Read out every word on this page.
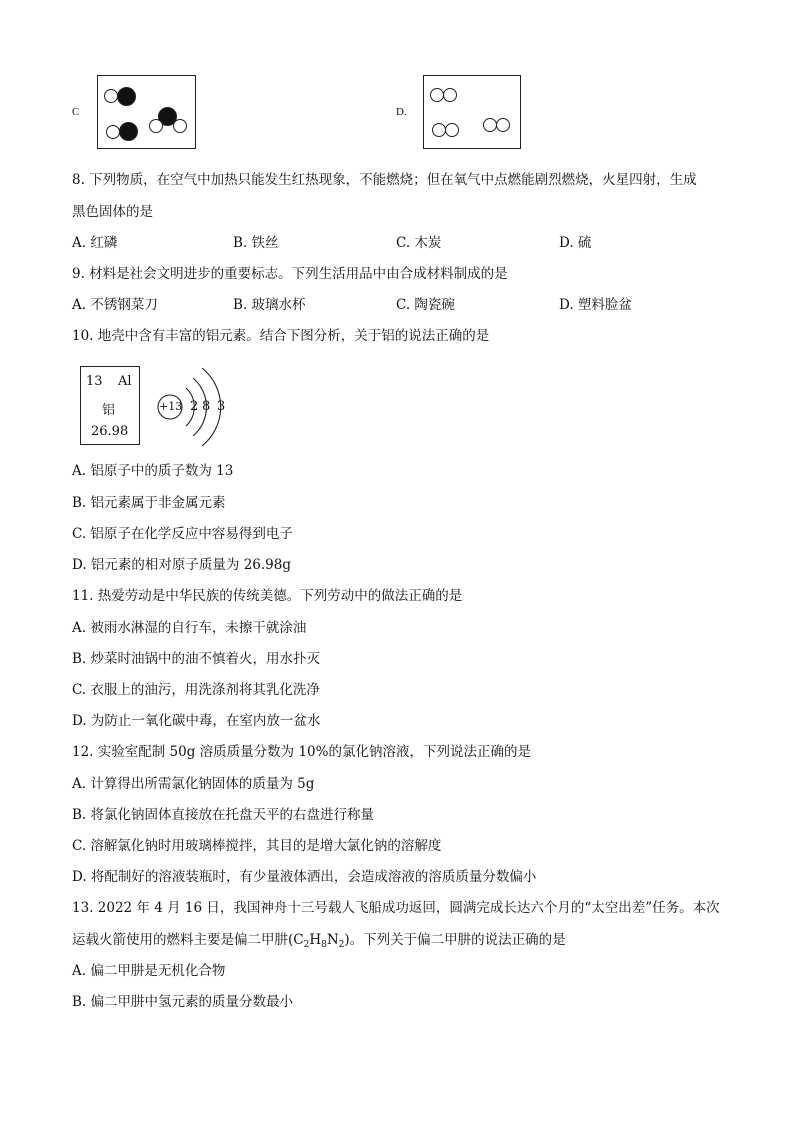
C	D.
8. 下列物质，在空气中加热只能发生红热现象，不能燃烧；但在氧气中点燃能剧烈燃烧，火星四射，生成
黑色固体的是
A. 红磷	B. 铁丝	C. 木炭	D. 硫
9. 材料是社会文明进步的重要标志。下列生活用品中由合成材料制成的是
A. 不锈钢菜刀	B. 玻璃水杯	C. 陶瓷碗	D. 塑料脸盆
10. 地壳中含有丰富的铝元素。结合下图分析，关于铝的说法正确的是
13 Al
铝
26.98
+13 2 8 3
A. 铝原子中的质子数为 13
B. 铝元素属于非金属元素
C. 铝原子在化学反应中容易得到电子
D. 铝元素的相对原子质量为 26.98g
11. 热爱劳动是中华民族的传统美德。下列劳动中的做法正确的是
A. 被雨水淋湿的自行车，未擦干就涂油
B. 炒菜时油锅中的油不慎着火，用水扑灭
C. 衣服上的油污，用洗涤剂将其乳化洗净
D. 为防止一氧化碳中毒，在室内放一盆水
12. 实验室配制 50g 溶质质量分数为 10%的氯化钠溶液，下列说法正确的是
A. 计算得出所需氯化钠固体的质量为 5g
B. 将氯化钠固体直接放在托盘天平的右盘进行称量
C. 溶解氯化钠时用玻璃棒搅拌，其目的是增大氯化钠的溶解度
D. 将配制好的溶液装瓶时，有少量液体洒出，会造成溶液的溶质质量分数偏小
13. 2022 年 4 月 16 日，我国神舟十三号载人飞船成功返回，圆满完成长达六个月的“太空出差”任务。本次
运载火箭使用的燃料主要是偏二甲肼$(C_2H_8N_2)$。下列关于偏二甲肼的说法正确的是
A. 偏二甲肼是无机化合物
B. 偏二甲肼中氢元素的质量分数最小
